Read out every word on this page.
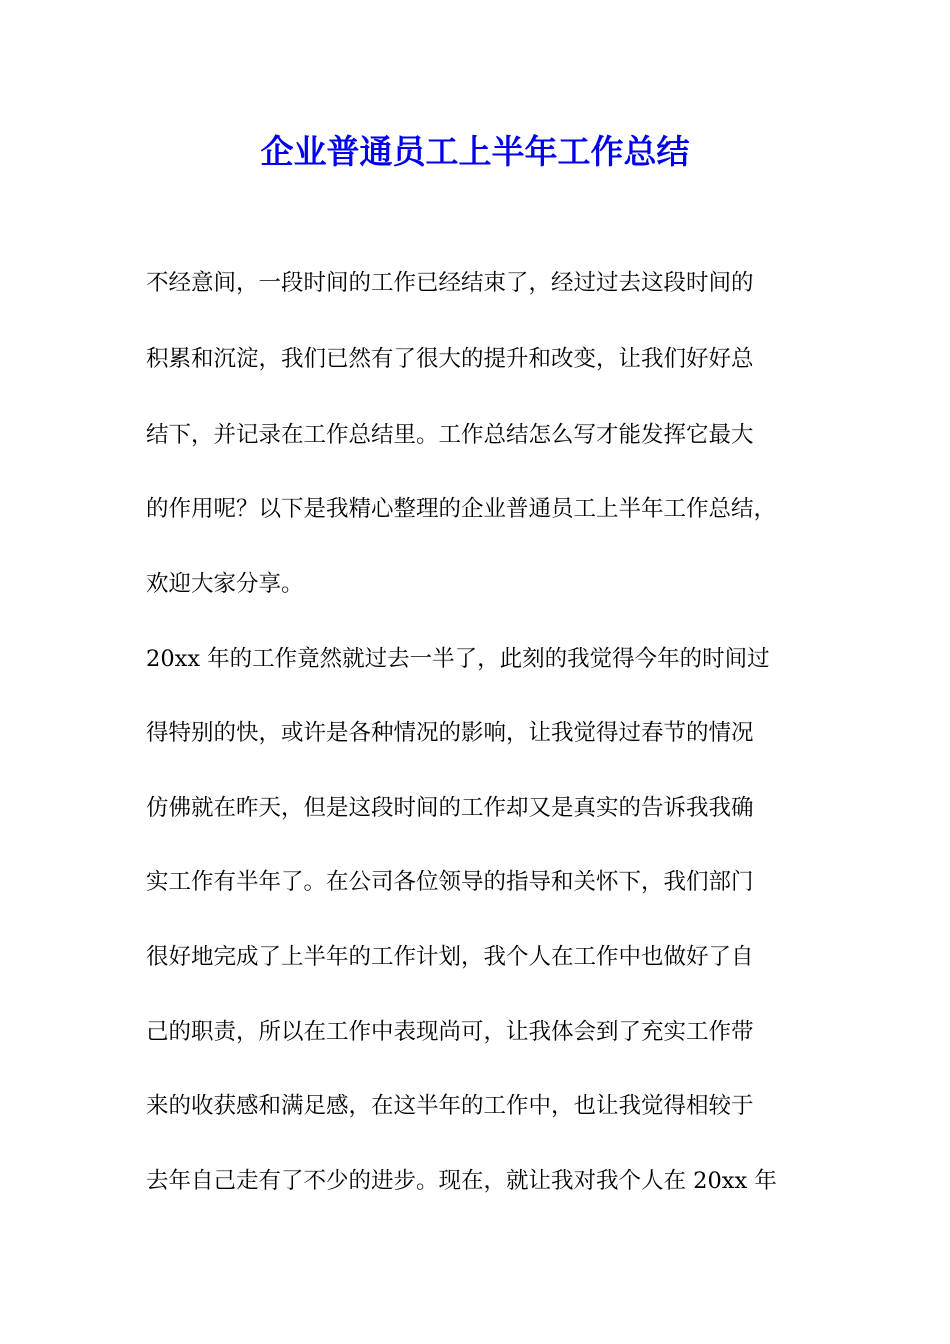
企业普通员工上半年工作总结

不经意间，一段时间的工作已经结束了，经过过去这段时间的

积累和沉淀，我们已然有了很大的提升和改变，让我们好好总

结下，并记录在工作总结里。工作总结怎么写才能发挥它最大

的作用呢？以下是我精心整理的企业普通员工上半年工作总结，

欢迎大家分享。

20xx 年的工作竟然就过去一半了，此刻的我觉得今年的时间过

得特别的快，或许是各种情况的影响，让我觉得过春节的情况

仿佛就在昨天，但是这段时间的工作却又是真实的告诉我我确

实工作有半年了。在公司各位领导的指导和关怀下，我们部门

很好地完成了上半年的工作计划，我个人在工作中也做好了自

己的职责，所以在工作中表现尚可，让我体会到了充实工作带

来的收获感和满足感，在这半年的工作中，也让我觉得相较于

去年自己走有了不少的进步。现在，就让我对我个人在 20xx 年
